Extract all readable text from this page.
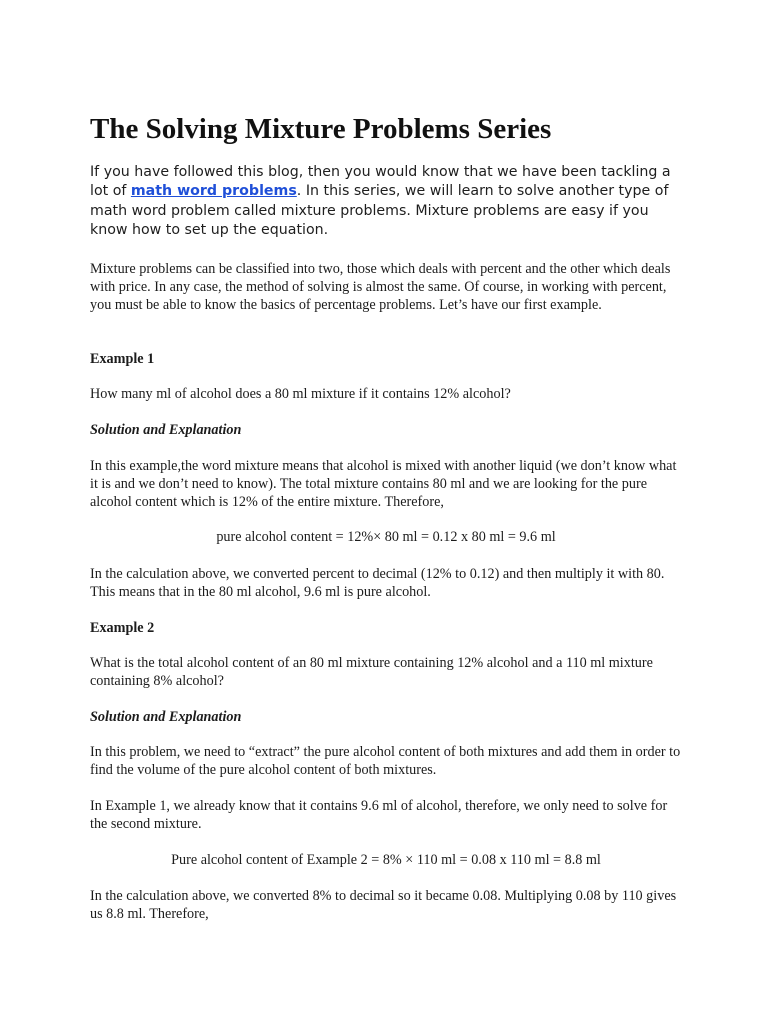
The Solving Mixture Problems Series

If you have followed this blog, then you would know that we have been tackling a lot of math word problems. In this series, we will learn to solve another type of math word problem called mixture problems. Mixture problems are easy if you know how to set up the equation.

Mixture problems can be classified into two, those which deals with percent and the other which deals with price. In any case, the method of solving is almost the same. Of course, in working with percent, you must be able to know the basics of percentage problems. Let’s have our first example.

Example 1

How many ml of alcohol does a 80 ml mixture if it contains 12% alcohol?

Solution and Explanation

In this example,the word mixture means that alcohol is mixed with another liquid (we don’t know what it is and we don’t need to know). The total mixture contains 80 ml and we are looking for the pure alcohol content which is 12% of the entire mixture. Therefore,

pure alcohol content = 12%× 80 ml = 0.12 x 80 ml = 9.6 ml

In the calculation above, we converted percent to decimal (12% to 0.12) and then multiply it with 80. This means that in the 80 ml alcohol, 9.6 ml is pure alcohol.

Example 2

What is the total alcohol content of an 80 ml mixture containing 12% alcohol and a 110 ml mixture containing 8% alcohol?

Solution and Explanation

In this problem, we need to “extract” the pure alcohol content of both mixtures and add them in order to find the volume of the pure alcohol content of both mixtures.

In Example 1, we already know that it contains 9.6 ml of alcohol, therefore, we only need to solve for the second mixture.

Pure alcohol content of Example 2 = 8% × 110 ml = 0.08 x 110 ml = 8.8 ml

In the calculation above, we converted 8% to decimal so it became 0.08. Multiplying 0.08 by 110 gives us 8.8 ml. Therefore,
